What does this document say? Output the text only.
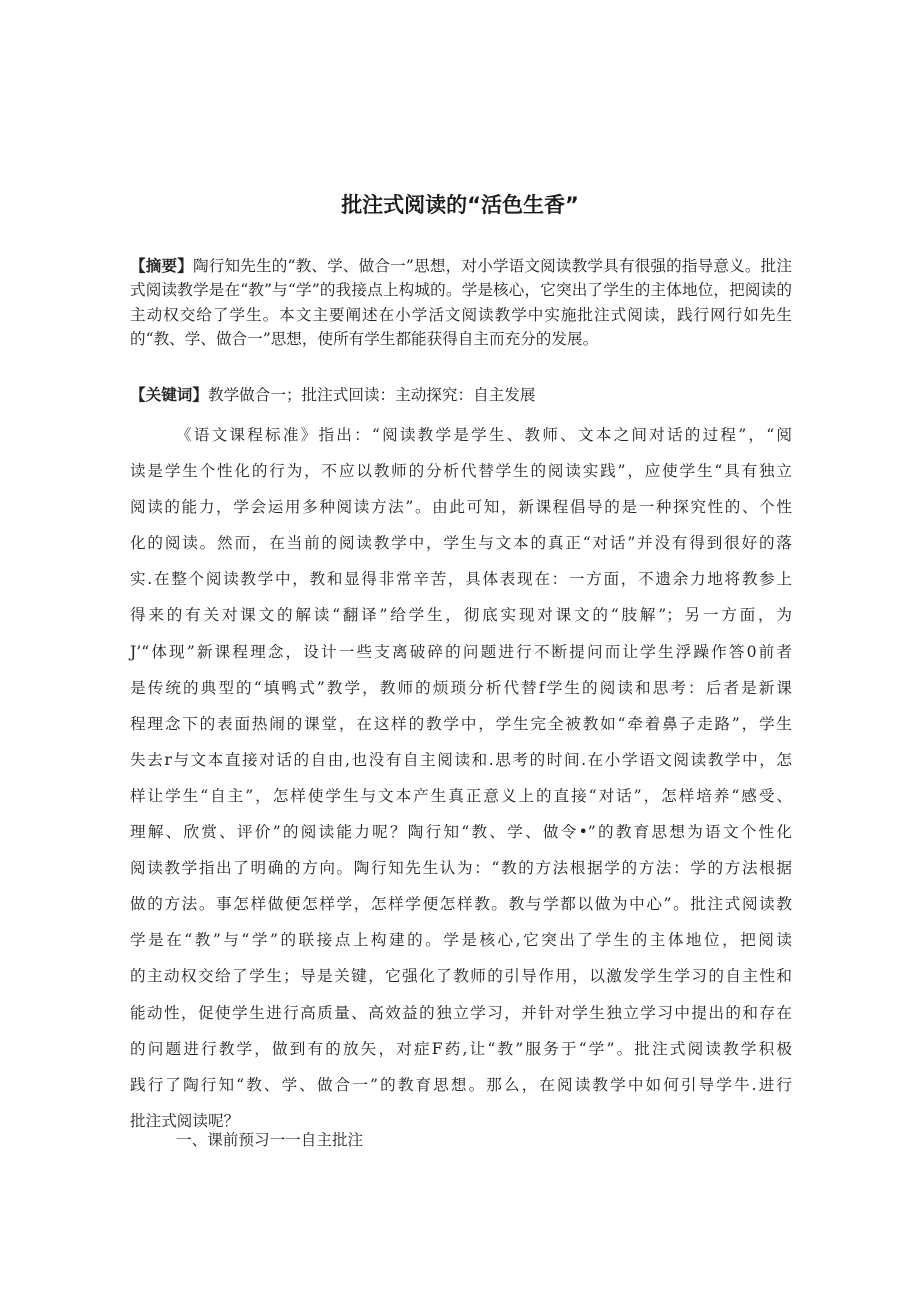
批注式阅读的“活色生香”

【摘要】陶行知先生的“教、学、做合一”思想，对小学语文阅读教学具有很强的指导意义。批注式阅读教学是在“教”与“学”的我接点上构城的。学是核心，它突出了学生的主体地位，把阅读的主动权交给了学生。本文主要阐述在小学活文阅读教学中实施批注式阅读，践行网行如先生的“教、学、做合一”思想，使所有学生都能获得自主而充分的发展。

【关键词】教学做合一；批注式回读：主动探究：自主发展

《语文课程标准》指出：“阅读教学是学生、教师、文本之间对话的过程”，“阅
读是学生个性化的行为，不应以教师的分析代替学生的阅读实践”，应使学生“具有独立
阅读的能力，学会运用多种阅读方法”。由此可知，新课程倡导的是一种探究性的、个性
化的阅读。然而，在当前的阅读教学中，学生与文本的真正“对话”并没有得到很好的落
实.在整个阅读教学中，教和显得非常辛苦，具体表现在：一方面，不遗余力地将教参上
得来的有关对课文的解读“翻译”给学生，彻底实现对课文的“肢解”；另一方面，为
J’“体现”新课程理念，设计一些支离破碎的问题进行不断提问而让学生浮躁作答0前者
是传统的典型的“填鸭式”教学，教师的烦琐分析代替f学生的阅读和思考：后者是新课
程理念下的表面热闹的课堂，在这样的教学中，学生完全被教如“牵着鼻子走路”，学生
失去r与文本直接对话的自由,也没有自主阅读和.思考的时间.在小学语文阅读教学中，怎
样让学生“自主”，怎样使学生与文本产生真正意义上的直接“对话”，怎样培养“感受、
理解、欣赏、评价”的阅读能力呢？陶行知“教、学、做令•”的教育思想为语文个性化
阅读教学指出了明确的方向。陶行知先生认为：“教的方法根据学的方法：学的方法根据
做的方法。事怎样做便怎样学，怎样学便怎样教。教与学都以做为中心”。批注式阅读教
学是在“教”与“学”的联接点上构建的。学是核心,它突出了学生的主体地位，把阅读
的主动权交给了学生；导是关键，它强化了教师的引导作用，以激发学生学习的自主性和
能动性，促使学生进行高质量、高效益的独立学习，并针对学生独立学习中提出的和存在
的问题进行教学，做到有的放矢，对症F药,让“教”服务于“学”。批注式阅读教学积极
践行了陶行知“教、学、做合一”的教育思想。那么，在阅读教学中如何引导学牛.进行
批注式阅读呢？
一、课前预习一一自主批注
